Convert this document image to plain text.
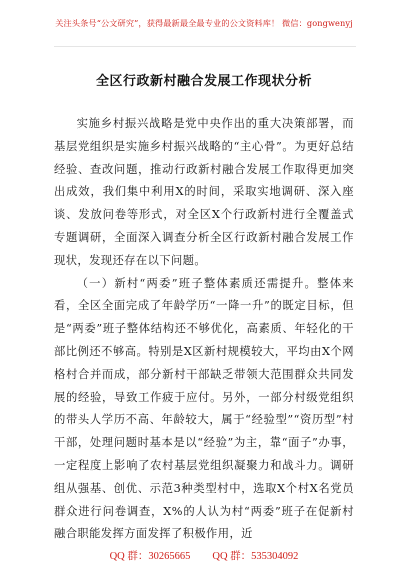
关注头条号“公文研究”，获得最新最全最专业的公文资料库！ 微信：gongwenyj
全区行政新村融合发展工作现状分析

实施乡村振兴战略是党中央作出的重大决策部署，而基层党组织是实施乡村振兴战略的“主心骨”。为更好总结经验、查改问题，推动行政新村融合发展工作取得更加突出成效，我们集中利用X的时间，采取实地调研、深入座谈、发放问卷等形式，对全区X个行政新村进行全覆盖式专题调研，全面深入调查分析全区行政新村融合发展工作现状，发现还存在以下问题。

（一）新村“两委”班子整体素质还需提升。整体来看，全区全面完成了年龄学历“一降一升”的既定目标，但是“两委”班子整体结构还不够优化，高素质、年轻化的干部比例还不够高。特别是X区新村规模较大，平均由X个网格村合并而成，部分新村干部缺乏带领大范围群众共同发展的经验，导致工作疲于应付。另外，一部分村级党组织的带头人学历不高、年龄较大，属于“经验型”“资历型”村干部，处理问题时基本是以“经验”为主，靠“面子”办事，一定程度上影响了农村基层党组织凝聚力和战斗力。调研组从强基、创优、示范3种类型村中，选取X个村X名党员群众进行问卷调查，X%的人认为村“两委”班子在促新村融合职能发挥方面发挥了积极作用，近

QQ 群：30265665 QQ 群：535304092
